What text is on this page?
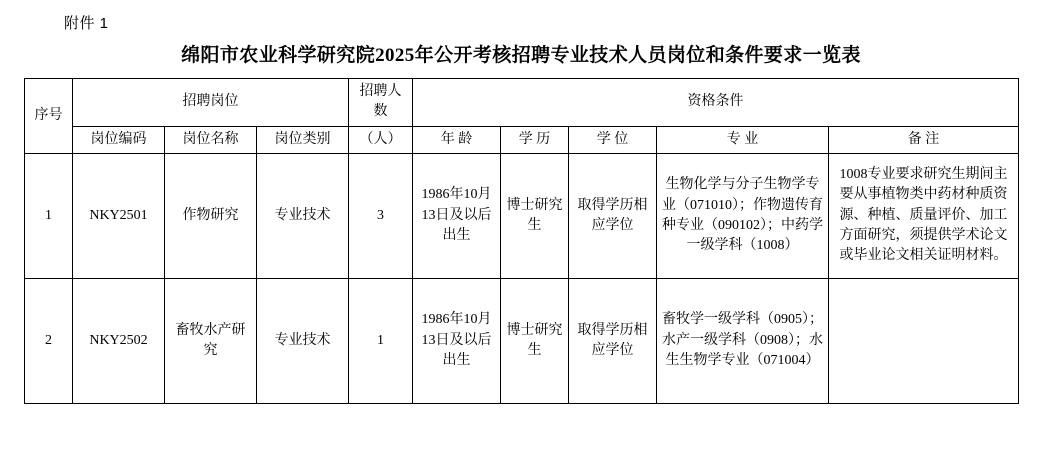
附件 1
绵阳市农业科学研究院2025年公开考核招聘专业技术人员岗位和条件要求一览表
序号	招聘岗位			招聘人数	资格条件				
	岗位编码	岗位名称	岗位类别	（人）	年 龄	学 历	学 位	专 业	备 注
1	NKY2501	作物研究	专业技术	3	1986年10月13日及以后出生	博士研究生	取得学历相应学位	生物化学与分子生物学专业（071010）；作物遗传育种专业（090102）；中药学一级学科（1008）	1008专业要求研究生期间主要从事植物类中药材种质资源、种植、质量评价、加工方面研究，须提供学术论文或毕业论文相关证明材料。
2	NKY2502	畜牧水产研究	专业技术	1	1986年10月13日及以后出生	博士研究生	取得学历相应学位	畜牧学一级学科（0905）；水产一级学科（0908）；水生生物学专业（071004）	
